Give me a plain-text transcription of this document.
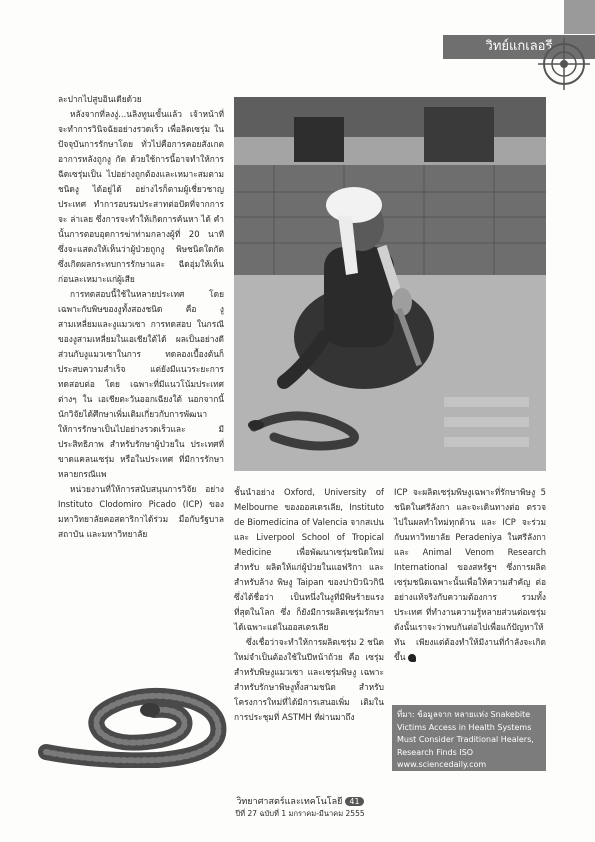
วิทย์แกเลอรี

ละปากไปสูบอินเดียด้วย

หลังจากที่ลงงู่...นลิงทูนเขั้นแล้ว เจ้าหน้าที่จะทำการวินิจฉัยอย่างรวดเร็ว เพื่อลิดเซรุ่ม ในปัจจุบันการรักษาโดย ทั่วไปคือการคอยสังเกตอาการหลังถูกงู กัด ด้วยใช้การนี้อาจทำให้การฉีดเซรุ่มเป็น ไปอย่างถูกต้องและเหมาะสมตามชนิดงู ได้อยู่ได้ อย่างไรก็ตามผู้เชี่ยวชาญประเทศ ทำการอบรมประสาทต่อปัดที่จากการจะ ล่าเลย ซึ่งการจะทำให้เกิดการค้นหา ได้ คำนั้นการตอบอุดการฆ่าท่ามกลางผู้ที่ 20 นาที ซึ่งจะแสดงให้เห็นว่าผู้ป่วยถูกงู พิษชนิดใดกัด ซึ่งเกิดผลกระทบการรักษาและ ฉีดอุ่มให้เห็นก่อนละเหมาะแก่ผู้เสีย

การทดสอบนี้ใช้ในหลายประเทศ โดยเฉพาะกับพิษของงูทั้งสองชนิด คือ งู สามเหลี่ยมและงูแมวเซา การทดสอบ ในกรณีของงูสามเหลี่ยมในเอเชียใต้ได้ ผลเป็นอย่างดี ส่วนกับงูแมวเซาในการ ทดลองเบื้องต้นก็ประสบความสำเร็จ แต่ยังมีแนวระยะการทดสอบต่อ โดย เฉพาะที่มีแนวโน้มประเทศต่างๆ ใน เอเชียตะวันออกเฉียงใต้ นอกจากนี้นักวิจัยได้ศึกษาเพิ่มเติมเกี่ยวกับการพัฒนา ให้การรักษาเป็นไปอย่างรวดเร็วและ มีประสิทธิภาพ สำหรับรักษาผู้ป่วยใน ประเทศที่ขาดแคลนเซรุ่ม หรือในประเทศ ที่มีการรักษาหลายกรณีแพ

หน่วยงานที่ให้การสนับสนุนการวิจัย อย่าง Instituto Clodomiro Picado (ICP) ของมหาวิทยาลัยคอสตาริกาได้ร่วม มือกับรัฐบาล สถาบัน และมหาวิทยาลัย

ชั้นนำอย่าง Oxford, University of Melbourne ของออสเตรเลีย, Instituto de Biomedicina of Valencia จากสเปน และ Liverpool School of Tropical Medicine เพื่อพัฒนาเซรุ่มชนิดใหม่สำหรับ ผลิตให้แก่ผู้ป่วยในแอฟริกา และสำหรับล้าง พิษงู Taipan ของปาปัวนิวกินี ซึ่งได้ชื่อว่า เป็นหนึ่งในงูที่มีพิษร้ายแรงที่สุดในโลก ซึ่ง ก็ยังมีการผลิตเซรุ่มรักษาได้เฉพาะแต่ในออสเตรเลีย

ซึ่งเชื่อว่าจะทำให้การผลิตเซรุ่ม 2 ชนิดใหม่จำเป็นต้องใช้ในปีหน้าถ้วย คือ เซรุ่มสำหรับพิษงูแมวเซา และเซรุ่มพิษงู เฉพาะสำหรับรักษาพิษงูทั้งสามชนิด สำหรับโครงการใหม่ที่ได้มีการเสนอเพิ่ม เติมในการประชุมที่ ASTMH ที่ผ่านมาถึง

ICP จะผลิตเซรุ่มพิษงูเฉพาะที่รักษาพิษงู 5 ชนิดในศรีลังกา และจะเดินทางต่อ ตรวจไปในผลทำใหม่ทุกด้าน และ ICP จะร่วมกับมหาวิทยาลัย Peradeniya ในศรีลังกา และ Animal Venom Research International ของสหรัฐฯ ซึ่งการผลิต เซรุ่มชนิดเฉพาะนั้นเพื่อให้ความสำคัญ ต่ออย่างแท้จริงกับความต้องการ รวมทั้งประเทศ ที่ทำงานความรู้หลายส่วนต่อเซรุ่ม ดังนั้นเราจะว่าพบกันต่อไปเพื่อแก้ปัญหาให้ทัน เพียงแต่ต้องทำให้มีงานที่กำลังจะเกิดขึ้น

ที่มา: ข้อมูลจาก หลายแห่ง Snakebite Victims Access in Health Systems Must Consider Traditional Healers, Research Finds ISO www.sciencedaily.com
วิทยาศาสตร์และเทคโนโลยี 41
ปีที่ 27 ฉบับที่ 1 มกราคม-มีนาคม 2555
